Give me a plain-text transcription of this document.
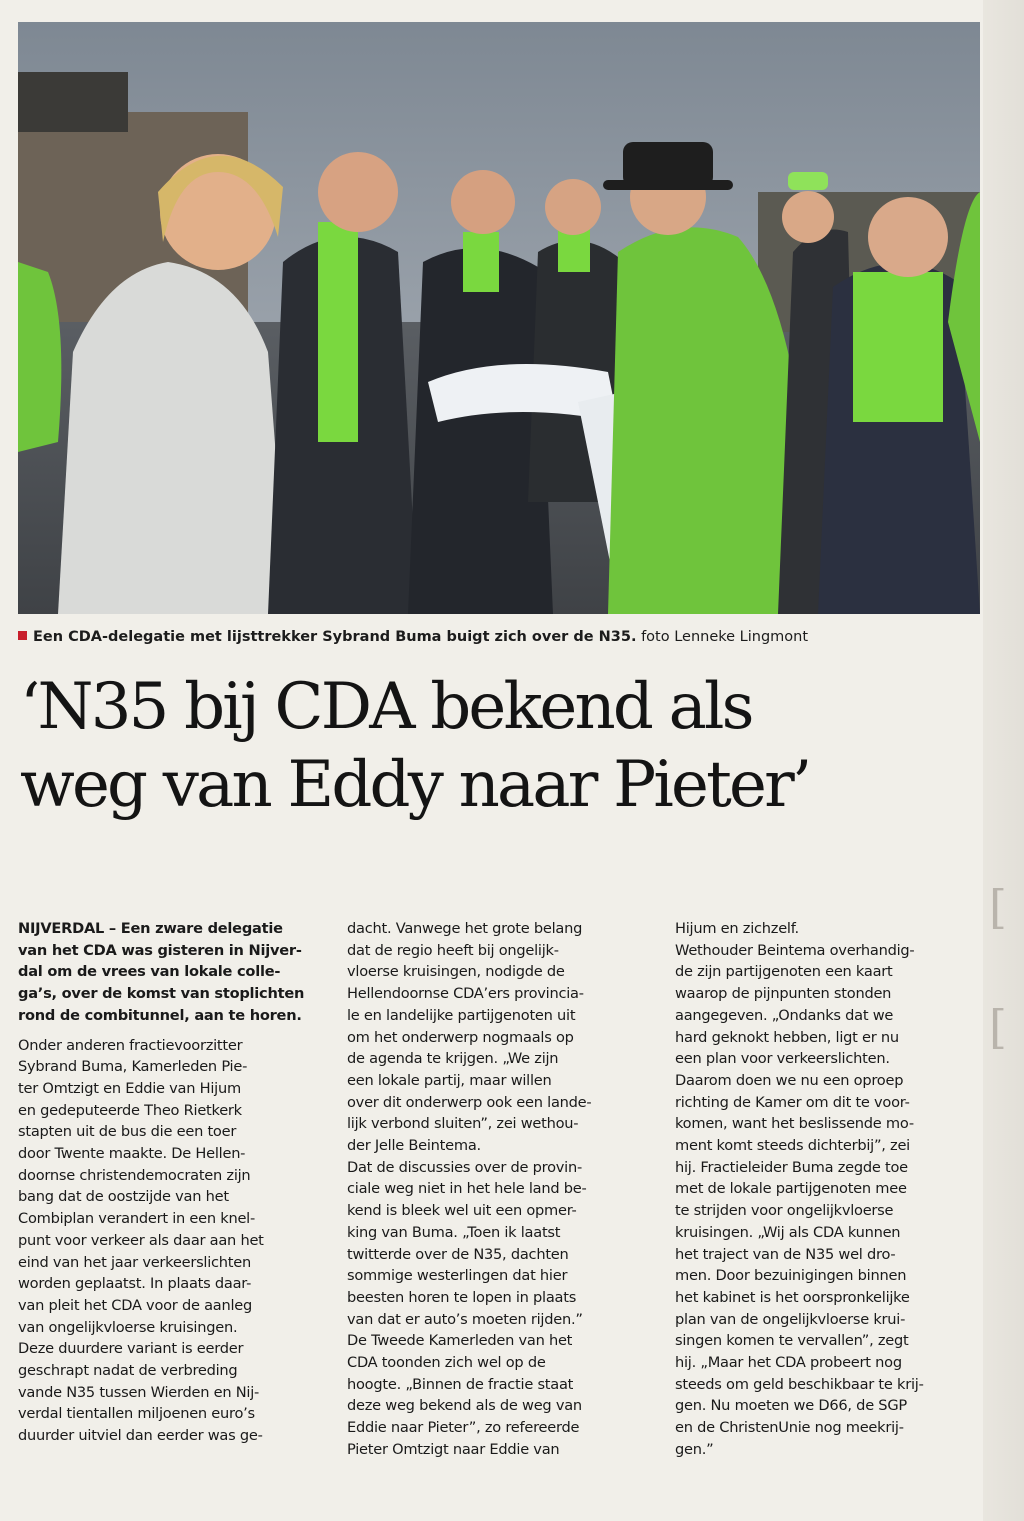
[
[
Een CDA-delegatie met lijsttrekker Sybrand Buma buigt zich over de N35. foto Lenneke Lingmont
‘N35 bij CDA bekend als
weg van Eddy naar Pieter’

NIJVERDAL – Een zware delegatie
van het CDA was gisteren in Nijver-
dal om de vrees van lokale colle-
ga’s, over de komst van stoplichten
rond de combitunnel, aan te horen.

Onder anderen fractievoorzitter
Sybrand Buma, Kamerleden Pie-
ter Omtzigt en Eddie van Hijum
en gedeputeerde Theo Rietkerk
stapten uit de bus die een toer
door Twente maakte. De Hellen-
doornse christendemocraten zijn
bang dat de oostzijde van het
Combiplan verandert in een knel-
punt voor verkeer als daar aan het
eind van het jaar verkeerslichten
worden geplaatst. In plaats daar-
van pleit het CDA voor de aanleg
van ongelijkvloerse kruisingen.
Deze duurdere variant is eerder
geschrapt nadat de verbreding
vande N35 tussen Wierden en Nij-
verdal tientallen miljoenen euro’s
duurder uitviel dan eerder was ge-

dacht. Vanwege het grote belang
dat de regio heeft bij ongelijk-
vloerse kruisingen, nodigde de
Hellendoornse CDA’ers provincia-
le en landelijke partijgenoten uit
om het onderwerp nogmaals op
de agenda te krijgen. „We zijn
een lokale partij, maar willen
over dit onderwerp ook een lande-
lijk verbond sluiten”, zei wethou-
der Jelle Beintema.
Dat de discussies over de provin-
ciale weg niet in het hele land be-
kend is bleek wel uit een opmer-
king van Buma. „Toen ik laatst
twitterde over de N35, dachten
sommige westerlingen dat hier
beesten horen te lopen in plaats
van dat er auto’s moeten rijden.”
De Tweede Kamerleden van het
CDA toonden zich wel op de
hoogte. „Binnen de fractie staat
deze weg bekend als de weg van
Eddie naar Pieter”, zo refereerde
Pieter Omtzigt naar Eddie van

Hijum en zichzelf.
Wethouder Beintema overhandig-
de zijn partijgenoten een kaart
waarop de pijnpunten stonden
aangegeven. „Ondanks dat we
hard geknokt hebben, ligt er nu
een plan voor verkeerslichten.
Daarom doen we nu een oproep
richting de Kamer om dit te voor-
komen, want het beslissende mo-
ment komt steeds dichterbij”, zei
hij. Fractieleider Buma zegde toe
met de lokale partijgenoten mee
te strijden voor ongelijkvloerse
kruisingen. „Wij als CDA kunnen
het traject van de N35 wel dro-
men. Door bezuinigingen binnen
het kabinet is het oorspronkelijke
plan van de ongelijkvloerse krui-
singen komen te vervallen”, zegt
hij. „Maar het CDA probeert nog
steeds om geld beschikbaar te krij-
gen. Nu moeten we D66, de SGP
en de ChristenUnie nog meekrij-
gen.”
